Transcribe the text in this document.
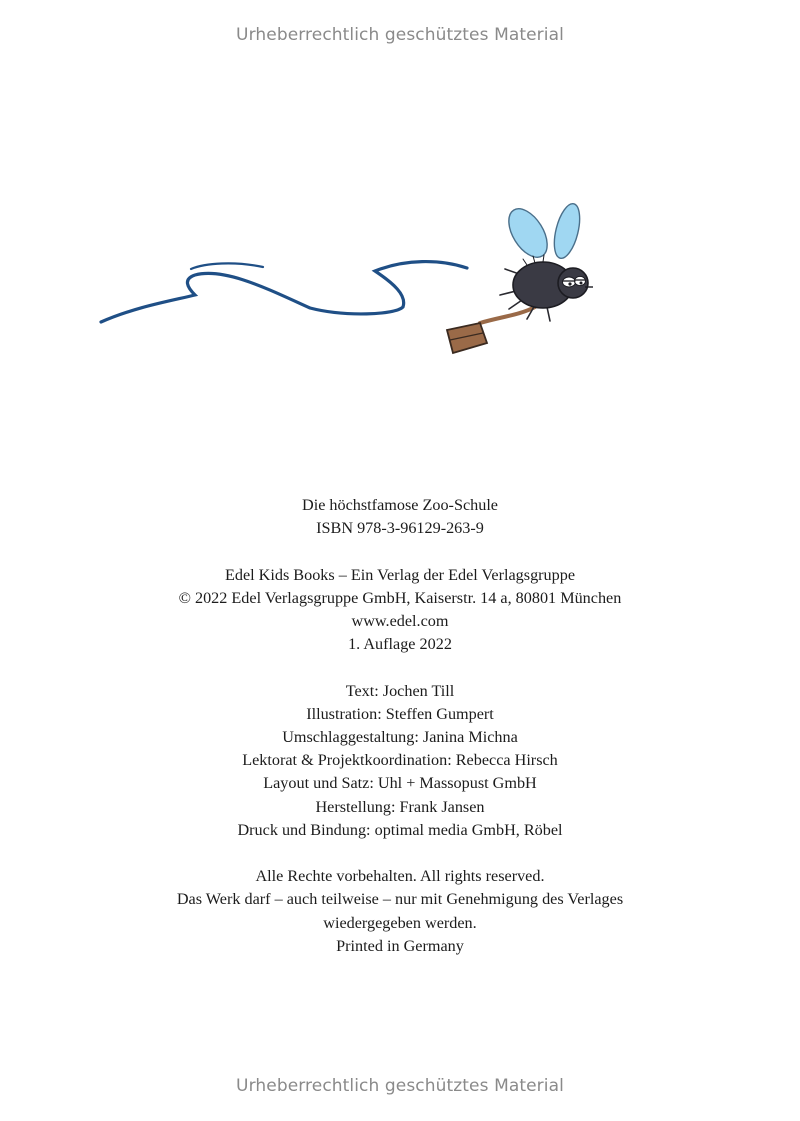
Urheberrechtlich geschütztes Material
Die höchstfamose Zoo-Schule
ISBN 978-3-96129-263-9
Edel Kids Books – Ein Verlag der Edel Verlagsgruppe
© 2022 Edel Verlagsgruppe GmbH, Kaiserstr. 14 a, 80801 München
www.edel.com
1. Auflage 2022
Text: Jochen Till
Illustration: Steffen Gumpert
Umschlaggestaltung: Janina Michna
Lektorat & Projektkoordination: Rebecca Hirsch
Layout und Satz: Uhl + Massopust GmbH
Herstellung: Frank Jansen
Druck und Bindung: optimal media GmbH, Röbel
Alle Rechte vorbehalten. All rights reserved.
Das Werk darf – auch teilweise – nur mit Genehmigung des Verlages
wiedergegeben werden.
Printed in Germany
Urheberrechtlich geschütztes Material
